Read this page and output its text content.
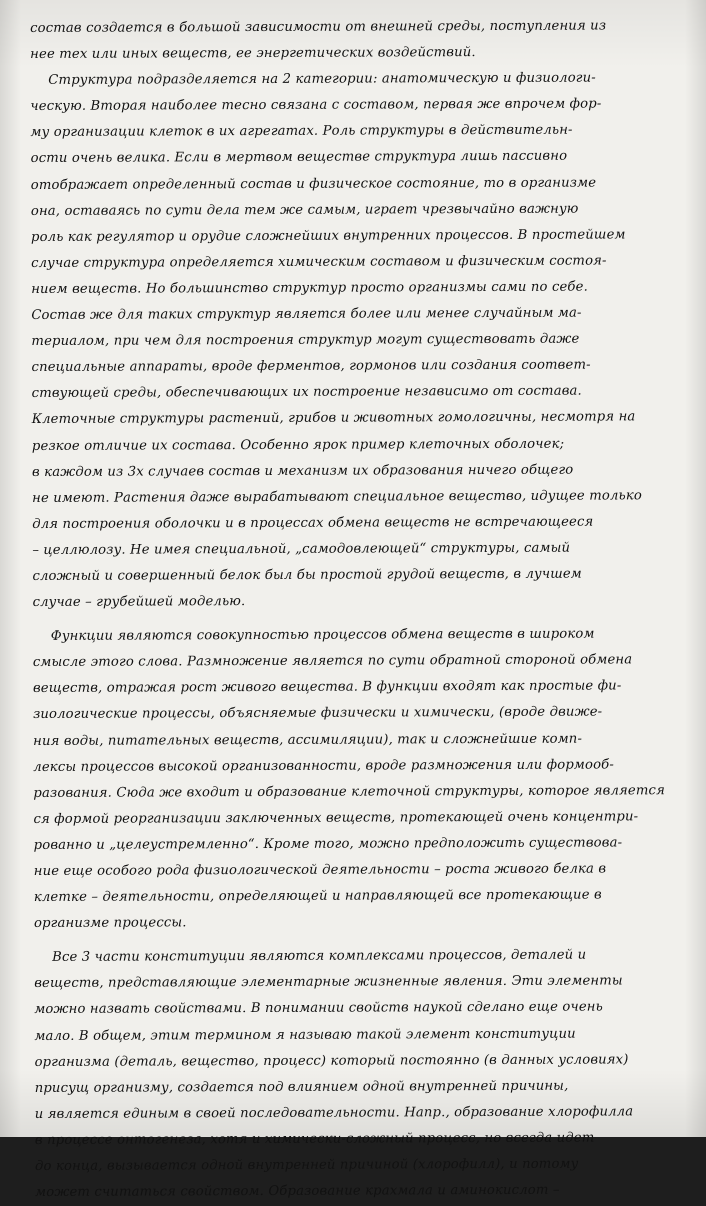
состав создается в большой зависимости от внешней среды, поступления из
нее тех или иных веществ, ее энергетических воздействий.
Структура подразделяется на 2 категории: анатомическую и физиологи-
ческую. Вторая наиболее тесно связана с составом, первая же впрочем фор-
му организации клеток в их агрегатах. Роль структуры в действительн-
ости очень велика. Если в мертвом веществе структура лишь пассивно
отображает определенный состав и физическое состояние, то в организме
она, оставаясь по сути дела тем же самым, играет чрезвычайно важную
роль как регулятор и орудие сложнейших внутренних процессов. В простейшем
случае структура определяется химическим составом и физическим состоя-
нием веществ. Но большинство структур просто организмы сами по себе.
Состав же для таких структур является более или менее случайным ма-
териалом, при чем для построения структур могут существовать даже
специальные аппараты, вроде ферментов, гормонов или создания соответ-
ствующей среды, обеспечивающих их построение независимо от состава.
Клеточные структуры растений, грибов и животных гомологичны, несмотря на
резкое отличие их состава. Особенно ярок пример клеточных оболочек;
в каждом из 3х случаев состав и механизм их образования ничего общего
не имеют. Растения даже вырабатывают специальное вещество, идущее только
для построения оболочки и в процессах обмена веществ не встречающееся
– целлюлозу. Не имея специальной, „самодовлеющей“ структуры, самый
сложный и совершенный белок был бы простой грудой веществ, в лучшем
случае – грубейшей моделью.
Функции являются совокупностью процессов обмена веществ в широком
смысле этого слова. Размножение является по сути обратной стороной обмена
веществ, отражая рост живого вещества. В функции входят как простые фи-
зиологические процессы, объясняемые физически и химически, (вроде движе-
ния воды, питательных веществ, ассимиляции), так и сложнейшие комп-
лексы процессов высокой организованности, вроде размножения или формооб-
разования. Сюда же входит и образование клеточной структуры, которое является
ся формой реорганизации заключенных веществ, протекающей очень концентри-
рованно и „целеустремленно“. Кроме того, можно предположить существова-
ние еще особого рода физиологической деятельности – роста живого белка в
клетке – деятельности, определяющей и направляющей все протекающие в
организме процессы.
Все 3 части конституции являются комплексами процессов, деталей и
веществ, представляющие элементарные жизненные явления. Эти элементы
можно назвать свойствами. В понимании свойств наукой сделано еще очень
мало. В общем, этим термином я называю такой элемент конституции
организма (деталь, вещество, процесс) который постоянно (в данных условиях)
присущ организму, создается под влиянием одной внутренней причины,
и является единым в своей последовательности. Напр., образование хлорофилла
в процессе онтогенеза, хотя и химически-сложный процесс, но всегда идет
до конца, вызывается одной внутренней причиной (хлорофилл), и потому
может считаться свойством. Образование крахмала и аминокислот –
